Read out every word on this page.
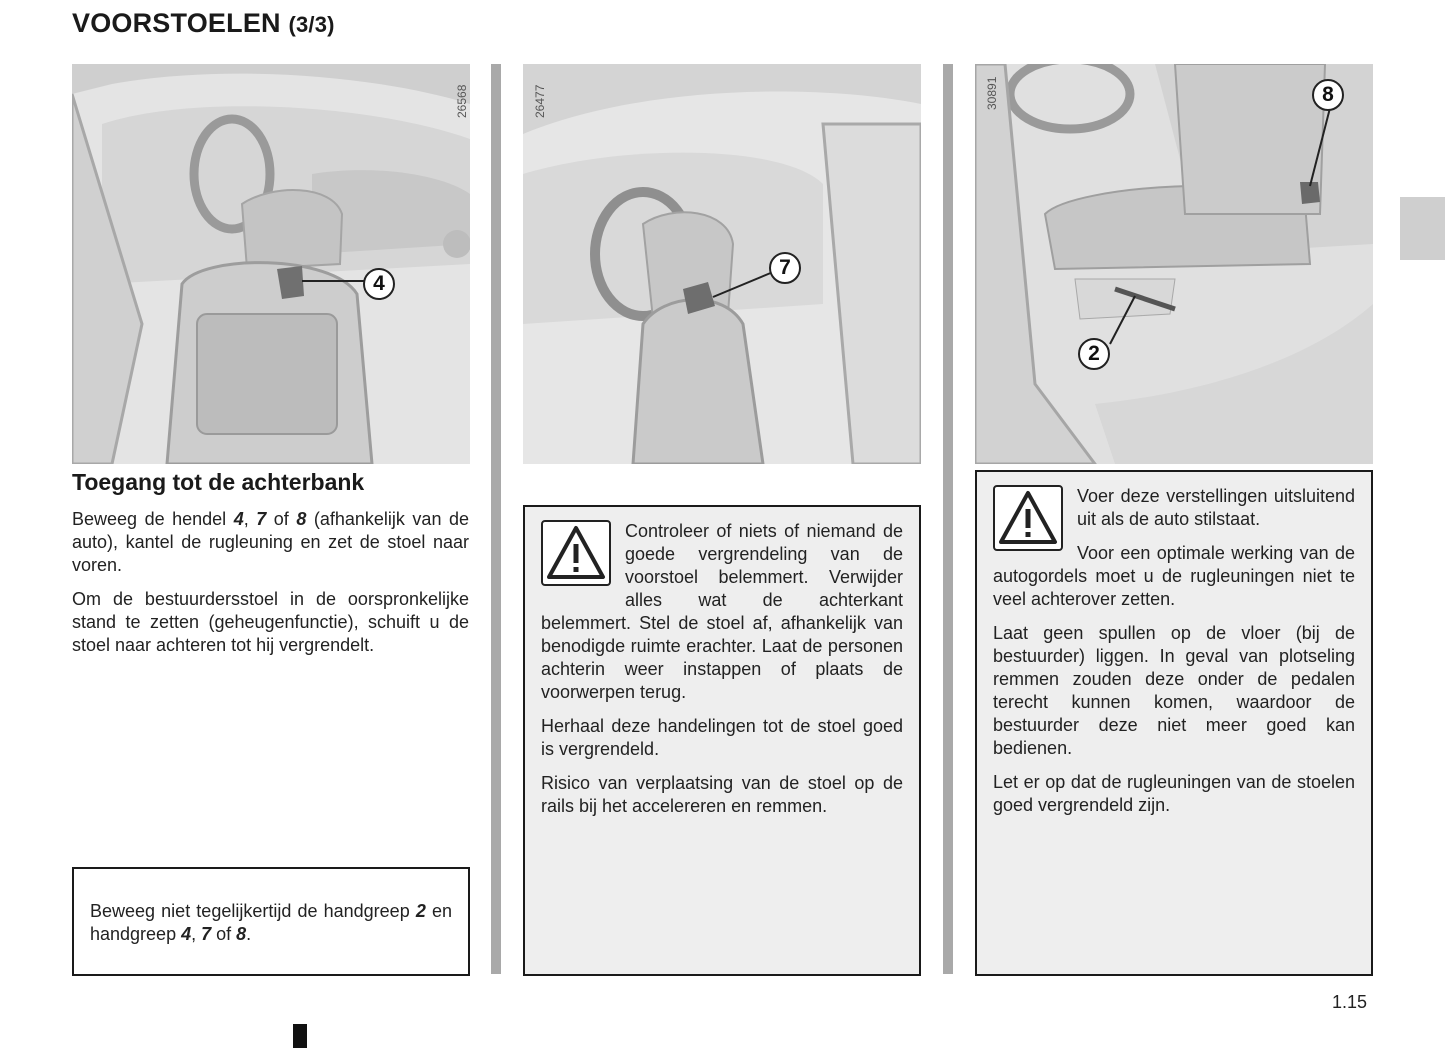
VOORSTOELEN (3/3)
4
26568
7
26477	8
2
30891
Toegang tot de achterbank

Beweeg de hendel 4, 7 of 8 (afhankelijk van de auto), kantel de rugleuning en zet de stoel naar voren.

Om de bestuurdersstoel in de oorspronkelijke stand te zetten (geheugenfunctie), schuift u de stoel naar achteren tot hij vergrendelt.

Beweeg niet tegelijkertijd de handgreep 2 en handgreep 4, 7 of 8.

Controleer of niets of niemand de goede vergrendeling van de voorstoel belemmert. Verwijder alles wat de achterkant belemmert. Stel de stoel af, afhankelijk van benodigde ruimte erachter. Laat de personen achterin weer instappen of plaats de voorwerpen terug.

Herhaal deze handelingen tot de stoel goed is vergrendeld.

Risico van verplaatsing van de stoel op de rails bij het accelereren en remmen.

Voer deze verstellingen uitsluitend uit als de auto stilstaat.

Voor een optimale werking van de autogordels moet u de rugleuningen niet te veel achterover zetten.

Laat geen spullen op de vloer (bij de bestuurder) liggen. In geval van plotseling remmen zouden deze onder de pedalen terecht kunnen komen, waardoor de bestuurder deze niet meer goed kan bedienen.

Let er op dat de rugleuningen van de stoelen goed vergrendeld zijn.

1.15
